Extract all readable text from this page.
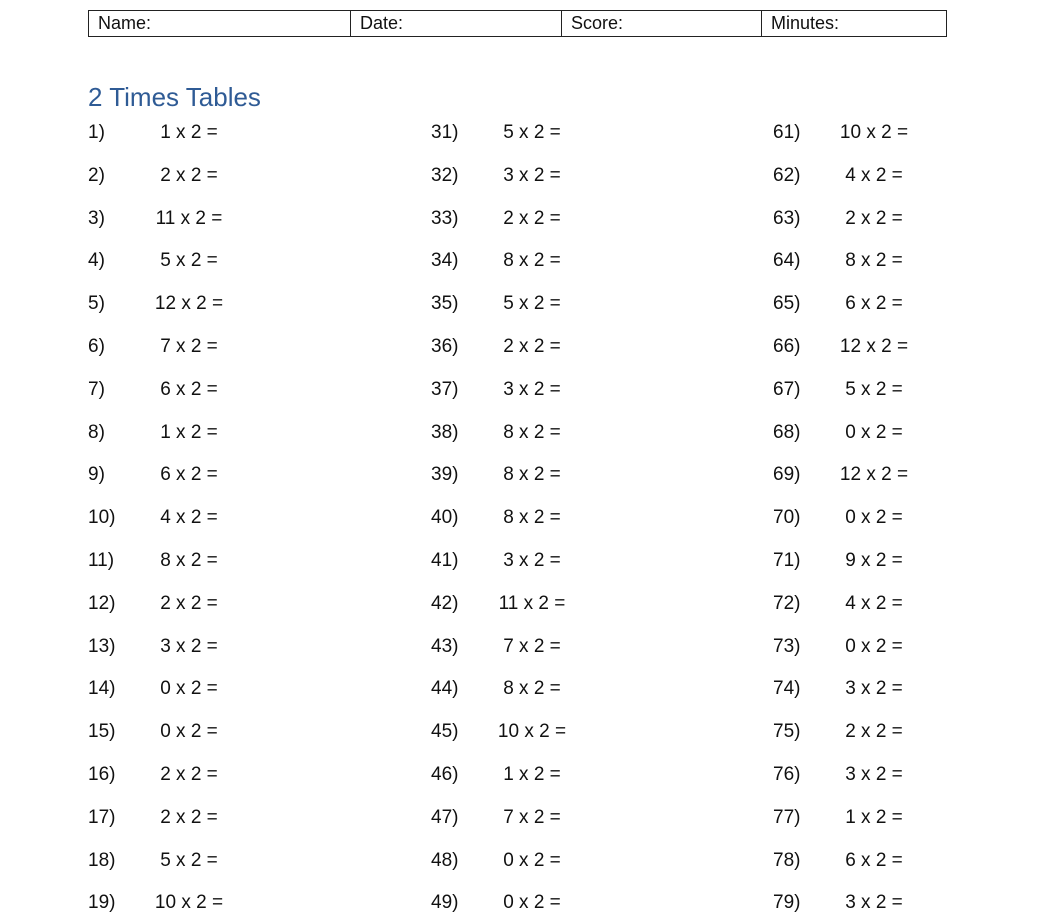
Name:	Date:	Score:	Minutes:
2 Times Tables
1)	1 x 2 =
2)	2 x 2 =
3)	11 x 2 =
4)	5 x 2 =
5)	12 x 2 =
6)	7 x 2 =
7)	6 x 2 =
8)	1 x 2 =
9)	6 x 2 =
10)	4 x 2 =
11)	8 x 2 =
12)	2 x 2 =
13)	3 x 2 =
14)	0 x 2 =
15)	0 x 2 =
16)	2 x 2 =
17)	2 x 2 =
18)	5 x 2 =
19)	10 x 2 =
31)	5 x 2 =
32)	3 x 2 =
33)	2 x 2 =
34)	8 x 2 =
35)	5 x 2 =
36)	2 x 2 =
37)	3 x 2 =
38)	8 x 2 =
39)	8 x 2 =
40)	8 x 2 =
41)	3 x 2 =
42)	11 x 2 =
43)	7 x 2 =
44)	8 x 2 =
45)	10 x 2 =
46)	1 x 2 =
47)	7 x 2 =
48)	0 x 2 =
49)	0 x 2 =
61)	10 x 2 =
62)	4 x 2 =
63)	2 x 2 =
64)	8 x 2 =
65)	6 x 2 =
66)	12 x 2 =
67)	5 x 2 =
68)	0 x 2 =
69)	12 x 2 =
70)	0 x 2 =
71)	9 x 2 =
72)	4 x 2 =
73)	0 x 2 =
74)	3 x 2 =
75)	2 x 2 =
76)	3 x 2 =
77)	1 x 2 =
78)	6 x 2 =
79)	3 x 2 =
